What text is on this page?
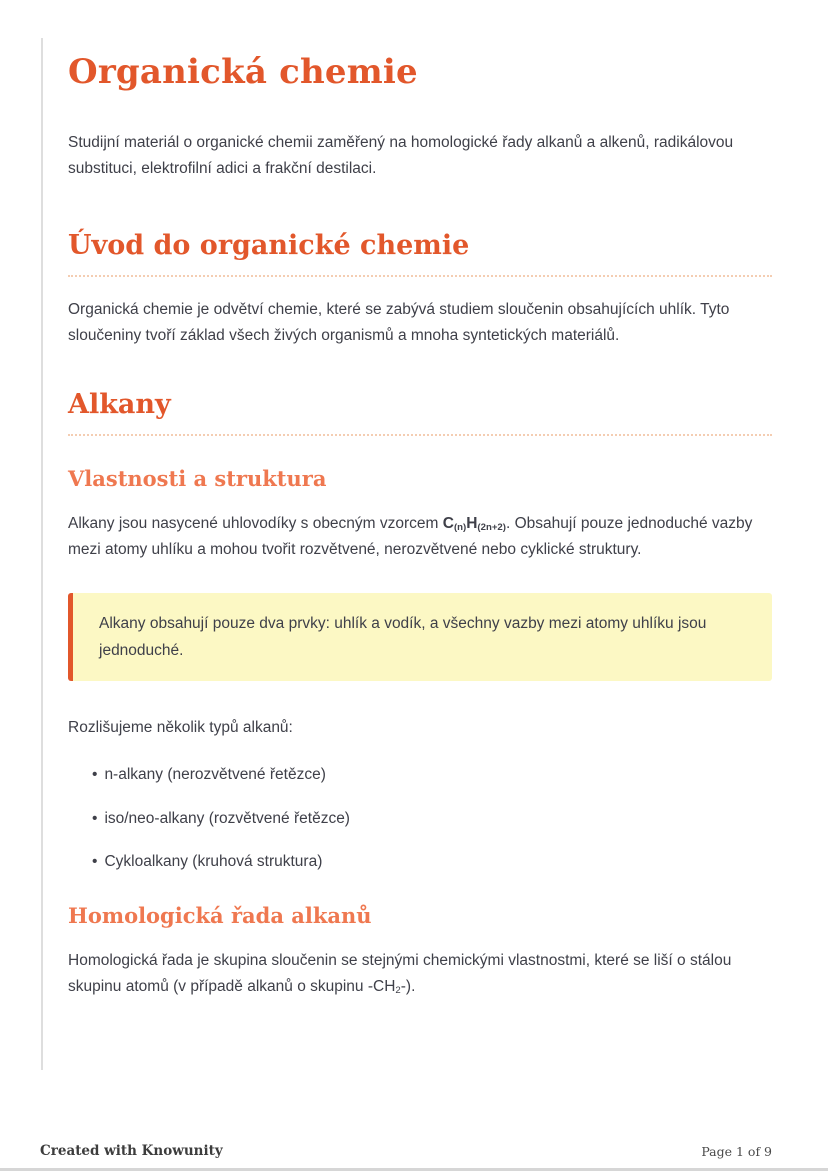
Organická chemie

Studijní materiál o organické chemii zaměřený na homologické řady alkanů a alkenů, radikálovou substituci, elektrofilní adici a frakční destilaci.

Úvod do organické chemie

Organická chemie je odvětví chemie, které se zabývá studiem sloučenin obsahujících uhlík. Tyto sloučeniny tvoří základ všech živých organismů a mnoha syntetických materiálů.

Alkany
Vlastnosti a struktura

Alkany jsou nasycené uhlovodíky s obecným vzorcem $C_{(n)}H_{(2n+2)}$. Obsahují pouze jednoduché vazby mezi atomy uhlíku a mohou tvořit rozvětvené, nerozvětvené nebo cyklické struktury.

Alkany obsahují pouze dva prvky: uhlík a vodík, a všechny vazby mezi atomy uhlíku jsou jednoduché.

Rozlišujeme několik typů alkanů:

• n-alkany (nerozvětvené řetězce)
• iso/neo-alkany (rozvětvené řetězce)
• Cykloalkany (kruhová struktura)
Homologická řada alkanů

Homologická řada je skupina sloučenin se stejnými chemickými vlastnostmi, které se liší o stálou skupinu atomů (v případě alkanů o skupinu $-CH_2-$).

Created with Knowunity	Page 1 of 9
